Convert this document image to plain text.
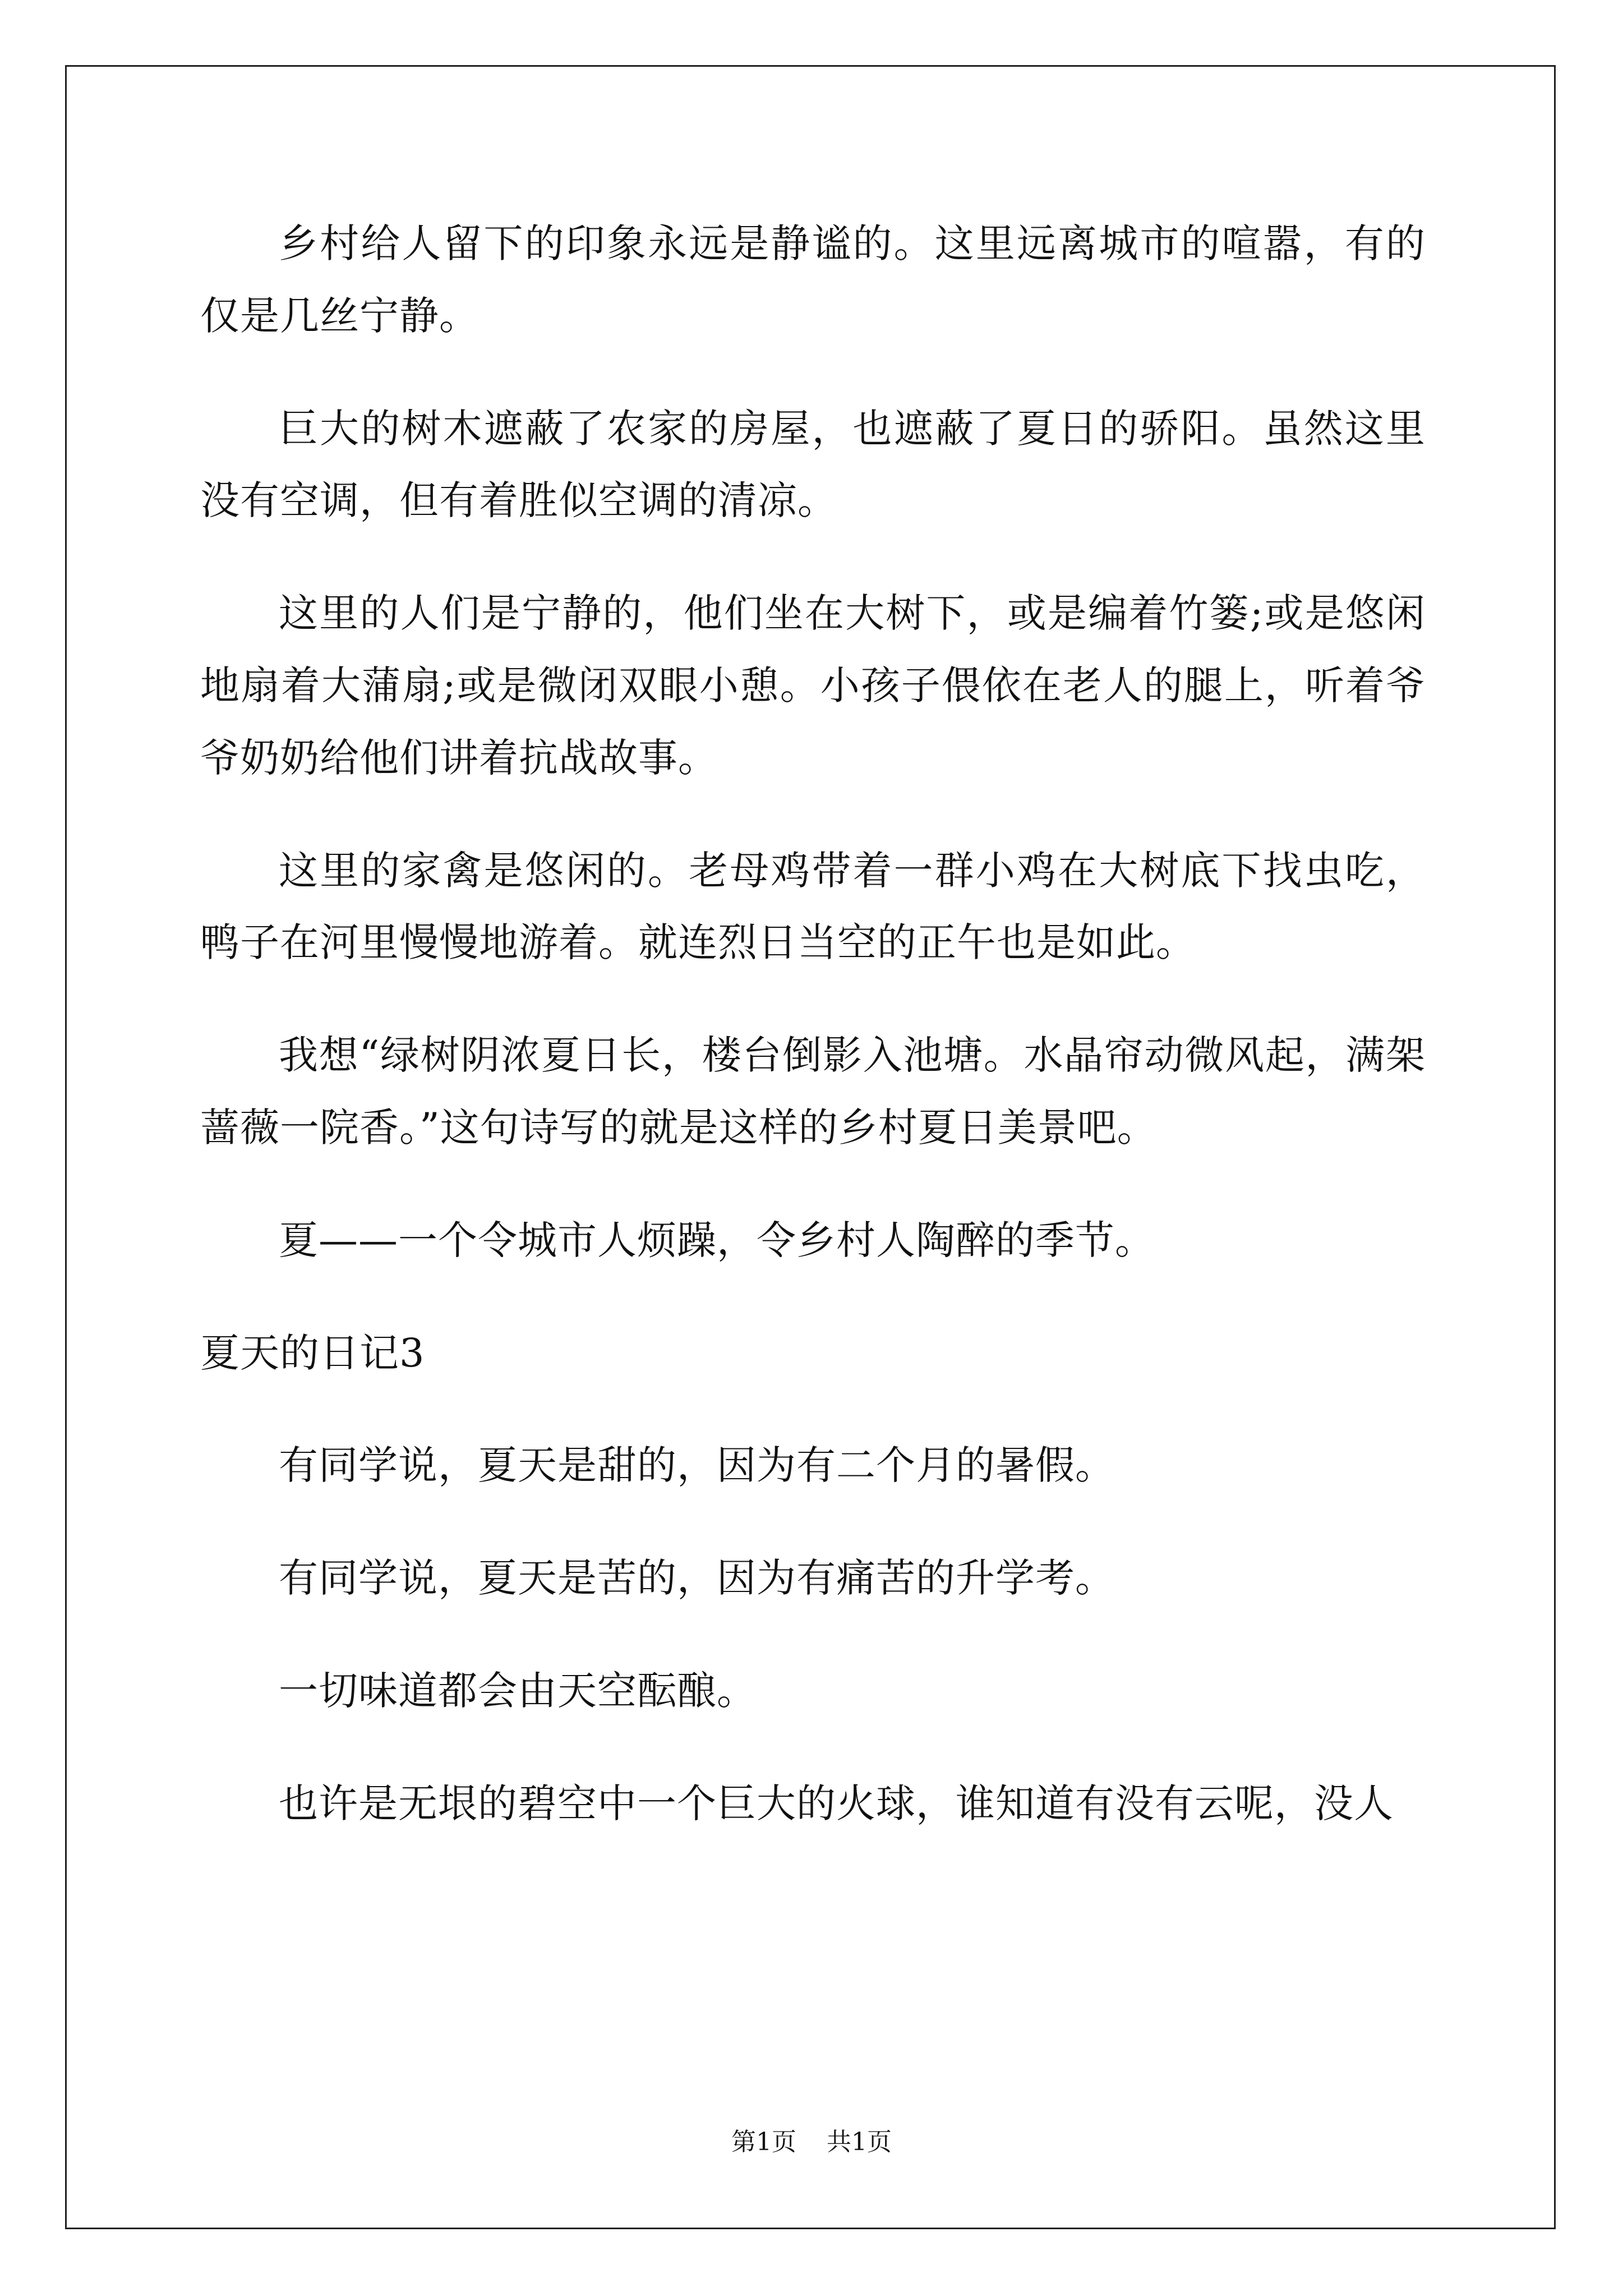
乡村给人留下的印象永远是静谧的。这里远离城市的喧嚣，有的仅是几丝宁静。

巨大的树木遮蔽了农家的房屋，也遮蔽了夏日的骄阳。虽然这里没有空调，但有着胜似空调的清凉。

这里的人们是宁静的，他们坐在大树下，或是编着竹篓;或是悠闲地扇着大蒲扇;或是微闭双眼小憩。小孩子偎依在老人的腿上，听着爷爷奶奶给他们讲着抗战故事。

这里的家禽是悠闲的。老母鸡带着一群小鸡在大树底下找虫吃，鸭子在河里慢慢地游着。就连烈日当空的正午也是如此。

我想“绿树阴浓夏日长，楼台倒影入池塘。水晶帘动微风起，满架蔷薇一院香。”这句诗写的就是这样的乡村夏日美景吧。

夏——一个令城市人烦躁，令乡村人陶醉的季节。

夏天的日记3

有同学说，夏天是甜的，因为有二个月的暑假。

有同学说，夏天是苦的，因为有痛苦的升学考。

一切味道都会由天空酝酿。

也许是无垠的碧空中一个巨大的火球，谁知道有没有云呢，没人

第1页 共1页
